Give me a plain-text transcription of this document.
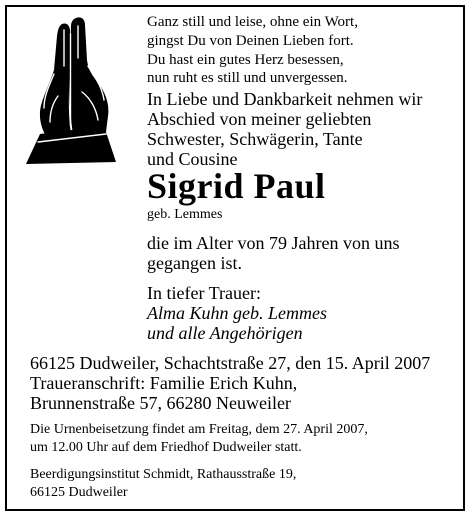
Ganz still und leise, ohne ein Wort,
gingst Du von Deinen Lieben fort.
Du hast ein gutes Herz besessen,
nun ruht es still und unvergessen.
In Liebe und Dankbarkeit nehmen wir
Abschied von meiner geliebten
Schwester, Schwägerin, Tante
und Cousine
Sigrid Paul
geb. Lemmes
die im Alter von 79 Jahren von uns
gegangen ist.
In tiefer Trauer:
Alma Kuhn geb. Lemmes
und alle Angehörigen
66125 Dudweiler, Schachtstraße 27, den 15. April 2007
Traueranschrift: Familie Erich Kuhn,
Brunnenstraße 57, 66280 Neuweiler
Die Urnenbeisetzung findet am Freitag, dem 27. April 2007,
um 12.00 Uhr auf dem Friedhof Dudweiler statt.
Beerdigungsinstitut Schmidt, Rathausstraße 19,
66125 Dudweiler
